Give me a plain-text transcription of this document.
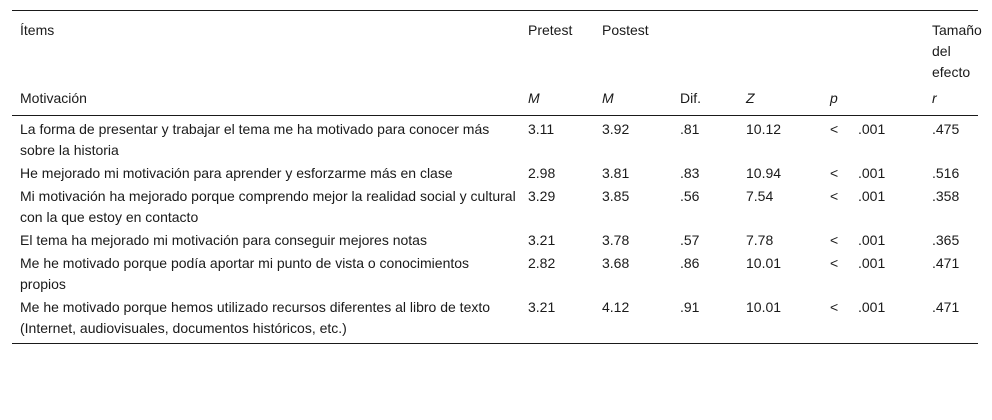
Ítems	Pretest	Postest					Tamaño del efecto
Motivación	M	M	Dif.	Z	p		r
La forma de presentar y trabajar el tema me ha motivado para conocer más sobre la historia	3.11	3.92	.81	10.12	<	.001	.475
He mejorado mi motivación para aprender y esforzarme más en clase	2.98	3.81	.83	10.94	<	.001	.516
Mi motivación ha mejorado porque comprendo mejor la realidad social y cultural con la que estoy en contacto	3.29	3.85	.56	7.54	<	.001	.358
El tema ha mejorado mi motivación para conseguir mejores notas	3.21	3.78	.57	7.78	<	.001	.365
Me he motivado porque podía aportar mi punto de vista o conocimientos propios	2.82	3.68	.86	10.01	<	.001	.471
Me he motivado porque hemos utilizado recursos diferentes al libro de texto (Internet, audiovisuales, documentos históricos, etc.)	3.21	4.12	.91	10.01	<	.001	.471
